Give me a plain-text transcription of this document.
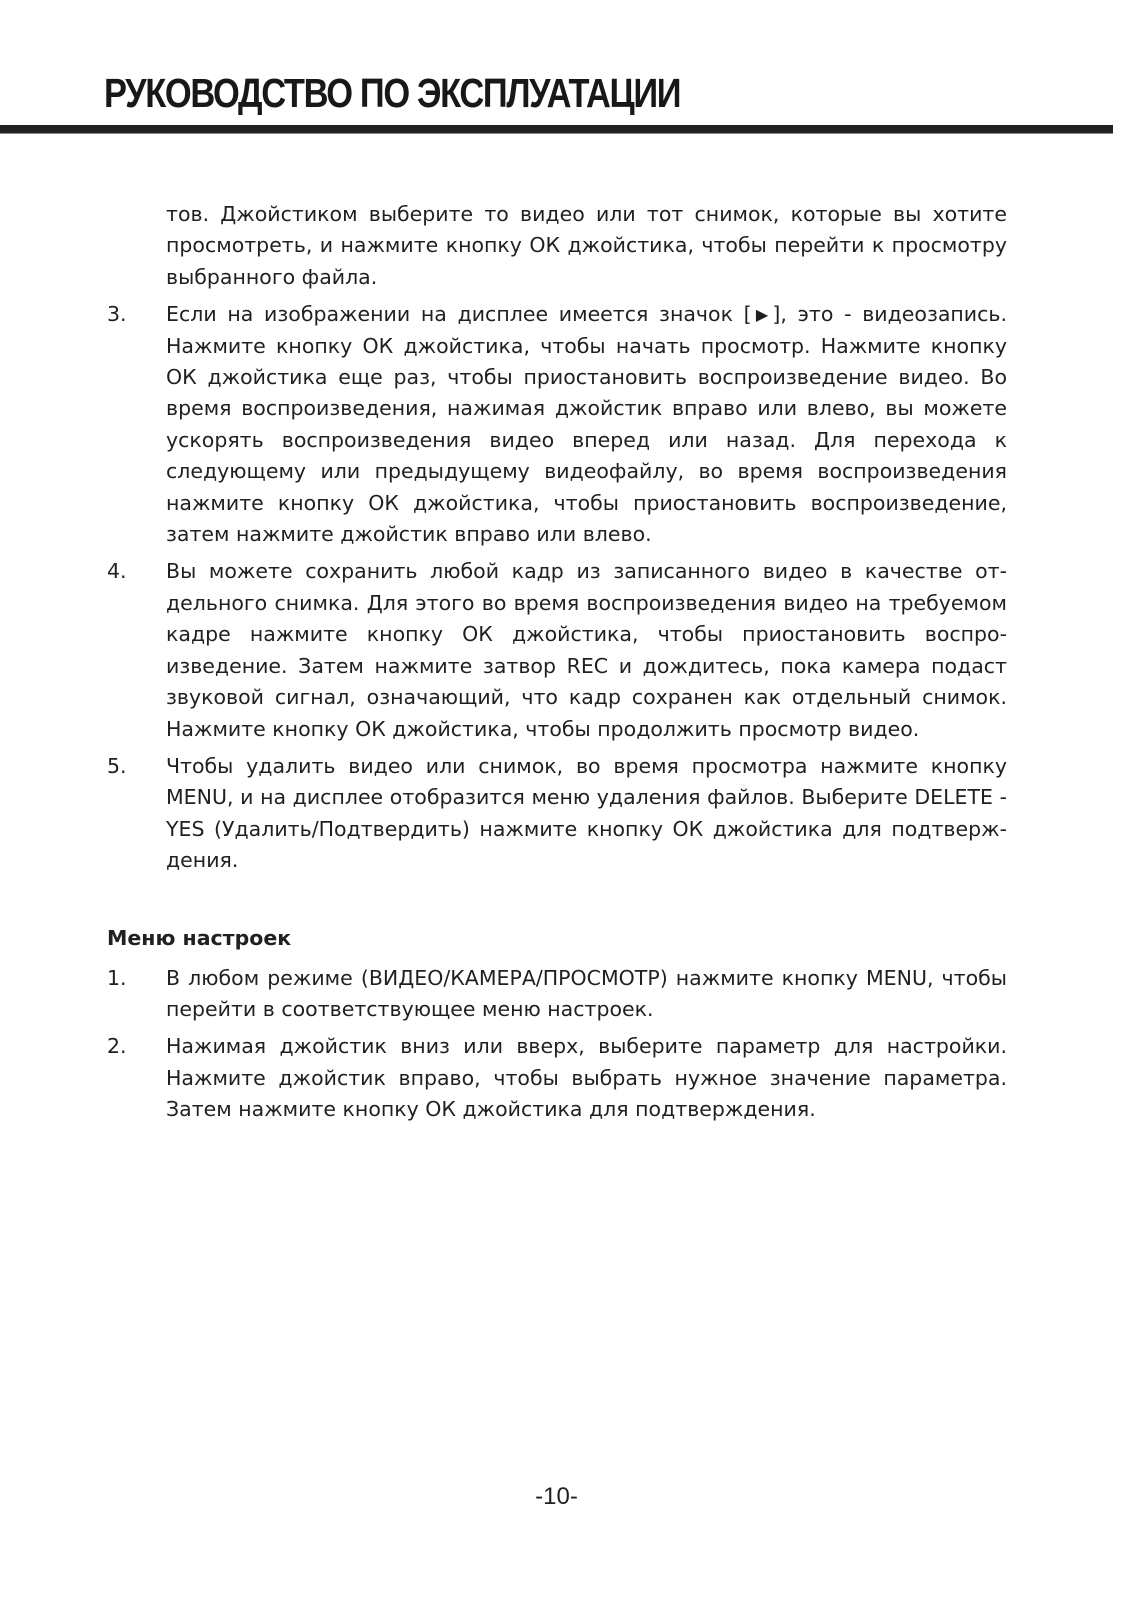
РУКОВОДСТВО ПО ЭКСПЛУАТАЦИИ
тов. Джойстиком выберите то видео или тот снимок, которые вы хотите просмотреть, и нажмите кнопку ОК джойстика, чтобы перейти к просмотру выбранного файла.
3. Если на изображении на дисплее имеется значок [▶], это - видеозапись. Нажмите кнопку ОК джойстика, чтобы начать просмотр. Нажмите кнопку ОК джойстика еще раз, чтобы приостановить воспроизведение видео. Во время воспроизведения, нажимая джойстик вправо или влево, вы можете ускорять воспроизведения видео вперед или назад. Для перехода к следующему или предыдущему видеофайлу, во время воспроизведения нажмите кнопку ОК джойстика, чтобы приостановить воспроизведение, затем нажмите джойстик вправо или влево.
4. Вы можете сохранить любой кадр из записанного видео в качестве отдельного снимка. Для этого во время воспроизведения видео на требуемом кадре нажмите кнопку ОК джойстика, чтобы приостановить воспроизведение. Затем нажмите затвор REC и дождитесь, пока камера подаст звуковой сигнал, означающий, что кадр сохранен как отдельный снимок. Нажмите кнопку ОК джойстика, чтобы продолжить просмотр видео.
5. Чтобы удалить видео или снимок, во время просмотра нажмите кнопку MENU, и на дисплее отобразится меню удаления файлов. Выберите DELETE - YES (Удалить/Подтвердить) нажмите кнопку ОК джойстика для подтверждения.
Меню настроек
1. В любом режиме (ВИДЕО/КАМЕРА/ПРОСМОТР) нажмите кнопку MENU, чтобы перейти в соответствующее меню настроек.
2. Нажимая джойстик вниз или вверх, выберите параметр для настройки. Нажмите джойстик вправо, чтобы выбрать нужное значение параметра. Затем нажмите кнопку ОК джойстика для подтверждения.
-10-
